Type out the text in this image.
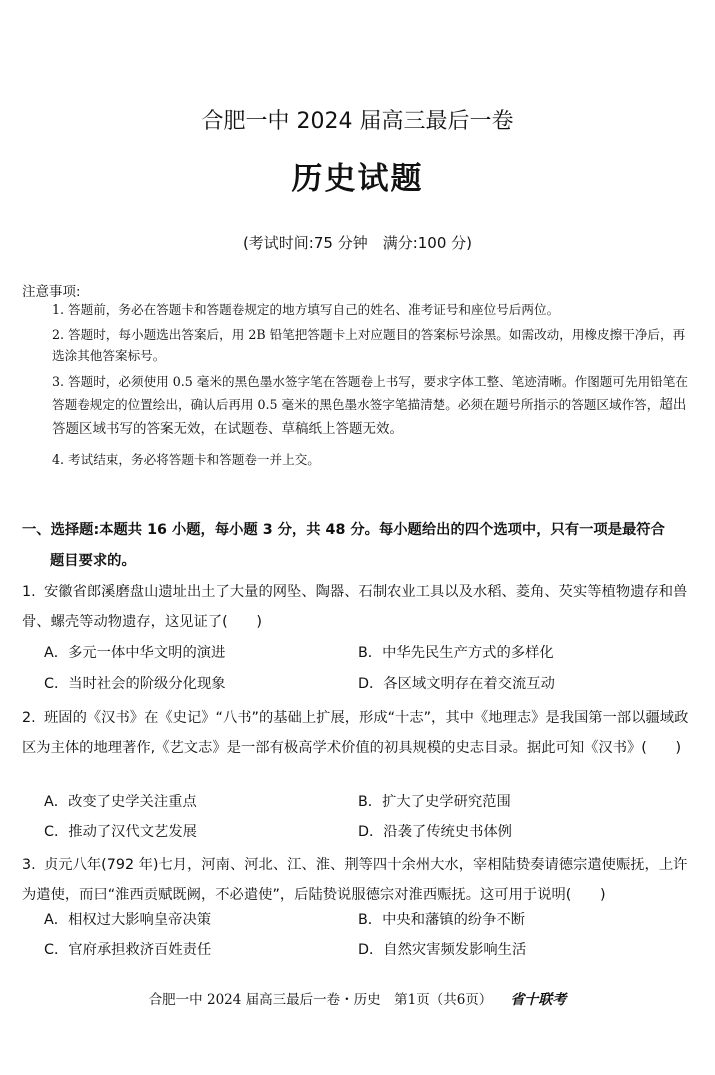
合肥一中 2024 届高三最后一卷
历史试题
(考试时间:75 分钟　满分:100 分)
注意事项:
1. 答题前，务必在答题卡和答题卷规定的地方填写自己的姓名、准考证号和座位号后两位。
2. 答题时，每小题选出答案后，用 2B 铅笔把答题卡上对应题目的答案标号涂黑。如需改动，用橡皮擦干净后，再选涂其他答案标号。
3. 答题时，必须使用 0.5 毫米的黑色墨水签字笔在答题卷上书写，要求字体工整、笔迹清晰。作图题可先用铅笔在答题卷规定的位置绘出，确认后再用 0.5 毫米的黑色墨水签字笔描清楚。必须在题号所指示的答题区域作答，超出答题区域书写的答案无效，在试题卷、草稿纸上答题无效。
4. 考试结束，务必将答题卡和答题卷一并上交。
一、选择题:本题共 16 小题，每小题 3 分，共 48 分。每小题给出的四个选项中，只有一项是最符合
题目要求的。
1. 安徽省郎溪磨盘山遗址出土了大量的网坠、陶器、石制农业工具以及水稻、菱角、芡实等植物遗存和兽骨、螺壳等动物遗存，这见证了(　　)
A．多元一体中华文明的演进	B．中华先民生产方式的多样化
C．当时社会的阶级分化现象	D．各区域文明存在着交流互动
2. 班固的《汉书》在《史记》“八书”的基础上扩展，形成“十志”，其中《地理志》是我国第一部以疆域政区为主体的地理著作,《艺文志》是一部有极高学术价值的初具规模的史志目录。据此可知《汉书》(　　)
A．改变了史学关注重点	B．扩大了史学研究范围
C．推动了汉代文艺发展	D．沿袭了传统史书体例
3. 贞元八年(792 年)七月，河南、河北、江、淮、荆等四十余州大水，宰相陆贽奏请德宗遣使赈抚，上许为遣使，而曰“淮西贡赋既阙，不必遣使”，后陆贽说服德宗对淮西赈抚。这可用于说明(　　)
A．相权过大影响皇帝决策	B．中央和藩镇的纷争不断
C．官府承担救济百姓责任	D．自然灾害频发影响生活
合肥一中 2024 届高三最后一卷・历史　第1页（共6页） 省十联考
